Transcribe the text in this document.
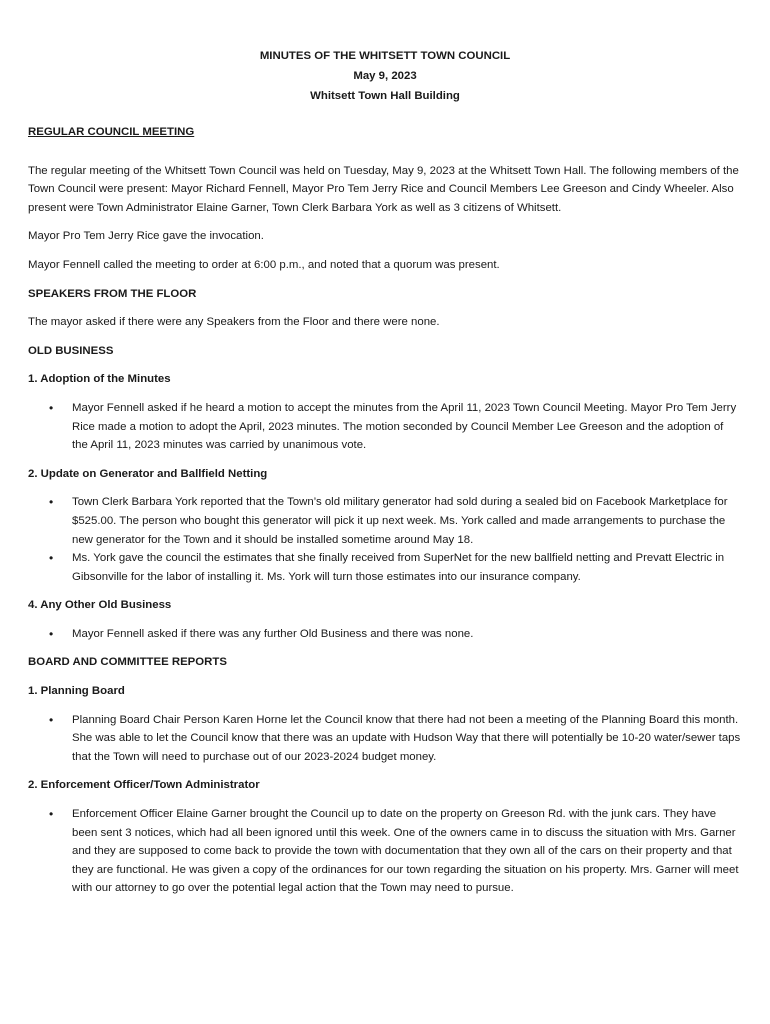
MINUTES OF THE WHITSETT TOWN COUNCIL
May 9, 2023
Whitsett Town Hall Building
REGULAR COUNCIL MEETING

The regular meeting of the Whitsett Town Council was held on Tuesday, May 9, 2023 at the Whitsett Town Hall. The following members of the Town Council were present: Mayor Richard Fennell, Mayor Pro Tem Jerry Rice and Council Members Lee Greeson and Cindy Wheeler. Also present were Town Administrator Elaine Garner, Town Clerk Barbara York as well as 3 citizens of Whitsett.

Mayor Pro Tem Jerry Rice gave the invocation.

Mayor Fennell called the meeting to order at 6:00 p.m., and noted that a quorum was present.

SPEAKERS FROM THE FLOOR

The mayor asked if there were any Speakers from the Floor and there were none.

OLD BUSINESS
1. Adoption of the Minutes
• Mayor Fennell asked if he heard a motion to accept the minutes from the April 11, 2023 Town Council Meeting. Mayor Pro Tem Jerry Rice made a motion to adopt the April, 2023 minutes. The motion seconded by Council Member Lee Greeson and the adoption of the April 11, 2023 minutes was carried by unanimous vote.
2. Update on Generator and Ballfield Netting
• Town Clerk Barbara York reported that the Town’s old military generator had sold during a sealed bid on Facebook Marketplace for $525.00. The person who bought this generator will pick it up next week. Ms. York called and made arrangements to purchase the new generator for the Town and it should be installed sometime around May 18.
• Ms. York gave the council the estimates that she finally received from SuperNet for the new ballfield netting and Prevatt Electric in Gibsonville for the labor of installing it. Ms. York will turn those estimates into our insurance company.
4. Any Other Old Business
• Mayor Fennell asked if there was any further Old Business and there was none.
BOARD AND COMMITTEE REPORTS
1. Planning Board
• Planning Board Chair Person Karen Horne let the Council know that there had not been a meeting of the Planning Board this month. She was able to let the Council know that there was an update with Hudson Way that there will potentially be 10-20 water/sewer taps that the Town will need to purchase out of our 2023-2024 budget money.
2. Enforcement Officer/Town Administrator
• Enforcement Officer Elaine Garner brought the Council up to date on the property on Greeson Rd. with the junk cars. They have been sent 3 notices, which had all been ignored until this week. One of the owners came in to discuss the situation with Mrs. Garner and they are supposed to come back to provide the town with documentation that they own all of the cars on their property and that they are functional. He was given a copy of the ordinances for our town regarding the situation on his property. Mrs. Garner will meet with our attorney to go over the potential legal action that the Town may need to pursue.
